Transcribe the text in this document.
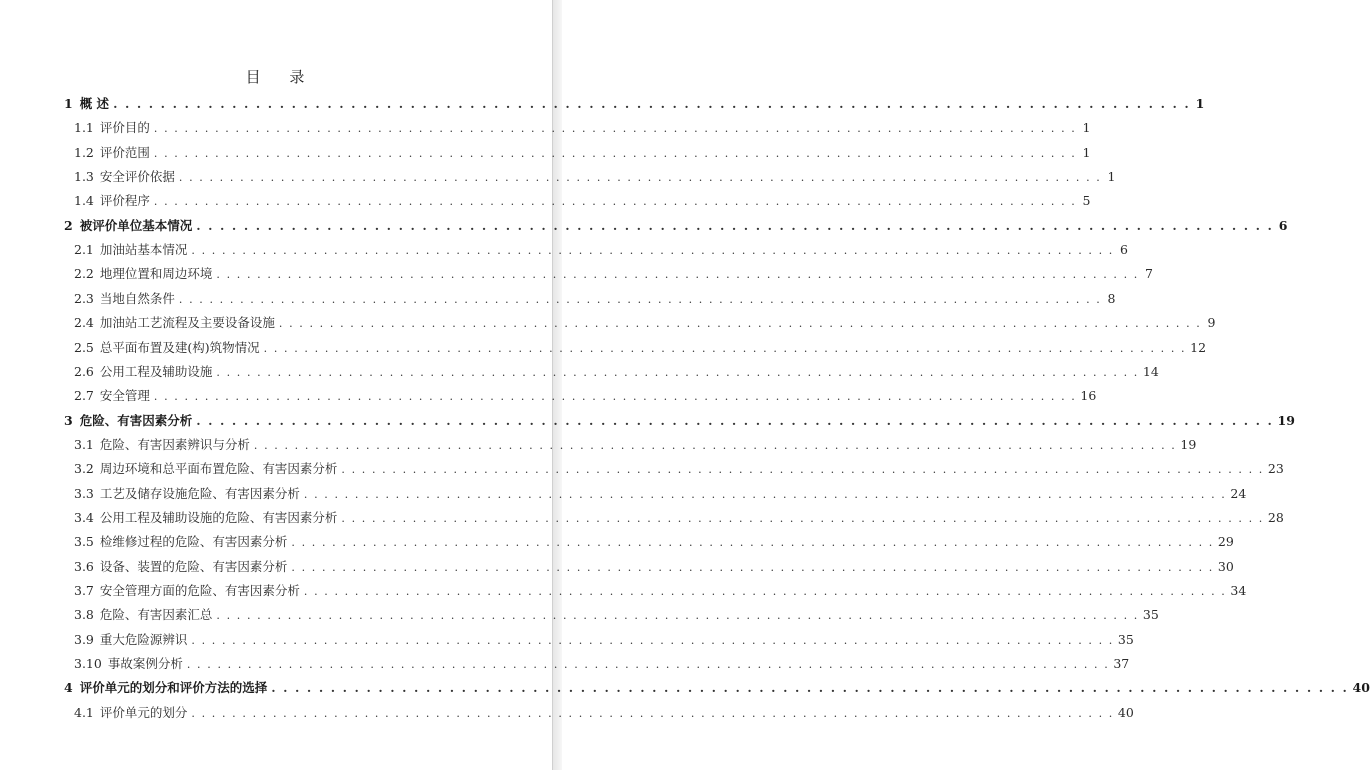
目 录
1 概 述 . . . . . . . . . . . . . . . . . . . . . . . . . . . . . . . . . . . . . . . . . . . . . . . . . . . . . . . . . . . . . . . . . . . . . . . . . . . . . . . . . . . . . . . . . . . 1
1.1 评价目的 . . . . . . . . . . . . . . . . . . . . . . . . . . . . . . . . . . . . . . . . . . . . . . . . . . . . . . . . . . . . . . . . . . . . . . . . . . . . . . . . . . . . . . . . . . . 1
1.2 评价范围 . . . . . . . . . . . . . . . . . . . . . . . . . . . . . . . . . . . . . . . . . . . . . . . . . . . . . . . . . . . . . . . . . . . . . . . . . . . . . . . . . . . . . . . . . . . 1
1.3 安全评价依据 . . . . . . . . . . . . . . . . . . . . . . . . . . . . . . . . . . . . . . . . . . . . . . . . . . . . . . . . . . . . . . . . . . . . . . . . . . . . . . . . . . . . . . . . . . . 1
1.4 评价程序 . . . . . . . . . . . . . . . . . . . . . . . . . . . . . . . . . . . . . . . . . . . . . . . . . . . . . . . . . . . . . . . . . . . . . . . . . . . . . . . . . . . . . . . . . . . 5
2 被评价单位基本情况 . . . . . . . . . . . . . . . . . . . . . . . . . . . . . . . . . . . . . . . . . . . . . . . . . . . . . . . . . . . . . . . . . . . . . . . . . . . . . . . . . . . . . . . . . . . 6
2.1 加油站基本情况 . . . . . . . . . . . . . . . . . . . . . . . . . . . . . . . . . . . . . . . . . . . . . . . . . . . . . . . . . . . . . . . . . . . . . . . . . . . . . . . . . . . . . . . . . . . 6
2.2 地理位置和周边环境 . . . . . . . . . . . . . . . . . . . . . . . . . . . . . . . . . . . . . . . . . . . . . . . . . . . . . . . . . . . . . . . . . . . . . . . . . . . . . . . . . . . . . . . . . . . 7
2.3 当地自然条件 . . . . . . . . . . . . . . . . . . . . . . . . . . . . . . . . . . . . . . . . . . . . . . . . . . . . . . . . . . . . . . . . . . . . . . . . . . . . . . . . . . . . . . . . . . . 8
2.4 加油站工艺流程及主要设备设施 . . . . . . . . . . . . . . . . . . . . . . . . . . . . . . . . . . . . . . . . . . . . . . . . . . . . . . . . . . . . . . . . . . . . . . . . . . . . . . . . . . . . . . . . . . . 9
2.5 总平面布置及建(构)筑物情况 . . . . . . . . . . . . . . . . . . . . . . . . . . . . . . . . . . . . . . . . . . . . . . . . . . . . . . . . . . . . . . . . . . . . . . . . . . . . . . . . . . . . . . . . . . . 12
2.6 公用工程及辅助设施 . . . . . . . . . . . . . . . . . . . . . . . . . . . . . . . . . . . . . . . . . . . . . . . . . . . . . . . . . . . . . . . . . . . . . . . . . . . . . . . . . . . . . . . . . . . 14
2.7 安全管理 . . . . . . . . . . . . . . . . . . . . . . . . . . . . . . . . . . . . . . . . . . . . . . . . . . . . . . . . . . . . . . . . . . . . . . . . . . . . . . . . . . . . . . . . . . . 16
3 危险、有害因素分析 . . . . . . . . . . . . . . . . . . . . . . . . . . . . . . . . . . . . . . . . . . . . . . . . . . . . . . . . . . . . . . . . . . . . . . . . . . . . . . . . . . . . . . . . . . . 19
3.1 危险、有害因素辨识与分析 . . . . . . . . . . . . . . . . . . . . . . . . . . . . . . . . . . . . . . . . . . . . . . . . . . . . . . . . . . . . . . . . . . . . . . . . . . . . . . . . . . . . . . . . . . . 19
3.2 周边环境和总平面布置危险、有害因素分析 . . . . . . . . . . . . . . . . . . . . . . . . . . . . . . . . . . . . . . . . . . . . . . . . . . . . . . . . . . . . . . . . . . . . . . . . . . . . . . . . . . . . . . . . . . . 23
3.3 工艺及储存设施危险、有害因素分析 . . . . . . . . . . . . . . . . . . . . . . . . . . . . . . . . . . . . . . . . . . . . . . . . . . . . . . . . . . . . . . . . . . . . . . . . . . . . . . . . . . . . . . . . . . . 24
3.4 公用工程及辅助设施的危险、有害因素分析 . . . . . . . . . . . . . . . . . . . . . . . . . . . . . . . . . . . . . . . . . . . . . . . . . . . . . . . . . . . . . . . . . . . . . . . . . . . . . . . . . . . . . . . . . . . 28
3.5 检维修过程的危险、有害因素分析 . . . . . . . . . . . . . . . . . . . . . . . . . . . . . . . . . . . . . . . . . . . . . . . . . . . . . . . . . . . . . . . . . . . . . . . . . . . . . . . . . . . . . . . . . . . 29
3.6 设备、装置的危险、有害因素分析 . . . . . . . . . . . . . . . . . . . . . . . . . . . . . . . . . . . . . . . . . . . . . . . . . . . . . . . . . . . . . . . . . . . . . . . . . . . . . . . . . . . . . . . . . . . 30
3.7 安全管理方面的危险、有害因素分析 . . . . . . . . . . . . . . . . . . . . . . . . . . . . . . . . . . . . . . . . . . . . . . . . . . . . . . . . . . . . . . . . . . . . . . . . . . . . . . . . . . . . . . . . . . . 34
3.8 危险、有害因素汇总 . . . . . . . . . . . . . . . . . . . . . . . . . . . . . . . . . . . . . . . . . . . . . . . . . . . . . . . . . . . . . . . . . . . . . . . . . . . . . . . . . . . . . . . . . . . 35
3.9 重大危险源辨识 . . . . . . . . . . . . . . . . . . . . . . . . . . . . . . . . . . . . . . . . . . . . . . . . . . . . . . . . . . . . . . . . . . . . . . . . . . . . . . . . . . . . . . . . . . . 35
3.10 事故案例分析 . . . . . . . . . . . . . . . . . . . . . . . . . . . . . . . . . . . . . . . . . . . . . . . . . . . . . . . . . . . . . . . . . . . . . . . . . . . . . . . . . . . . . . . . . . . 37
4 评价单元的划分和评价方法的选择 . . . . . . . . . . . . . . . . . . . . . . . . . . . . . . . . . . . . . . . . . . . . . . . . . . . . . . . . . . . . . . . . . . . . . . . . . . . . . . . . . . . . . . . . . . . 40
4.1 评价单元的划分 . . . . . . . . . . . . . . . . . . . . . . . . . . . . . . . . . . . . . . . . . . . . . . . . . . . . . . . . . . . . . . . . . . . . . . . . . . . . . . . . . . . . . . . . . . . 40
